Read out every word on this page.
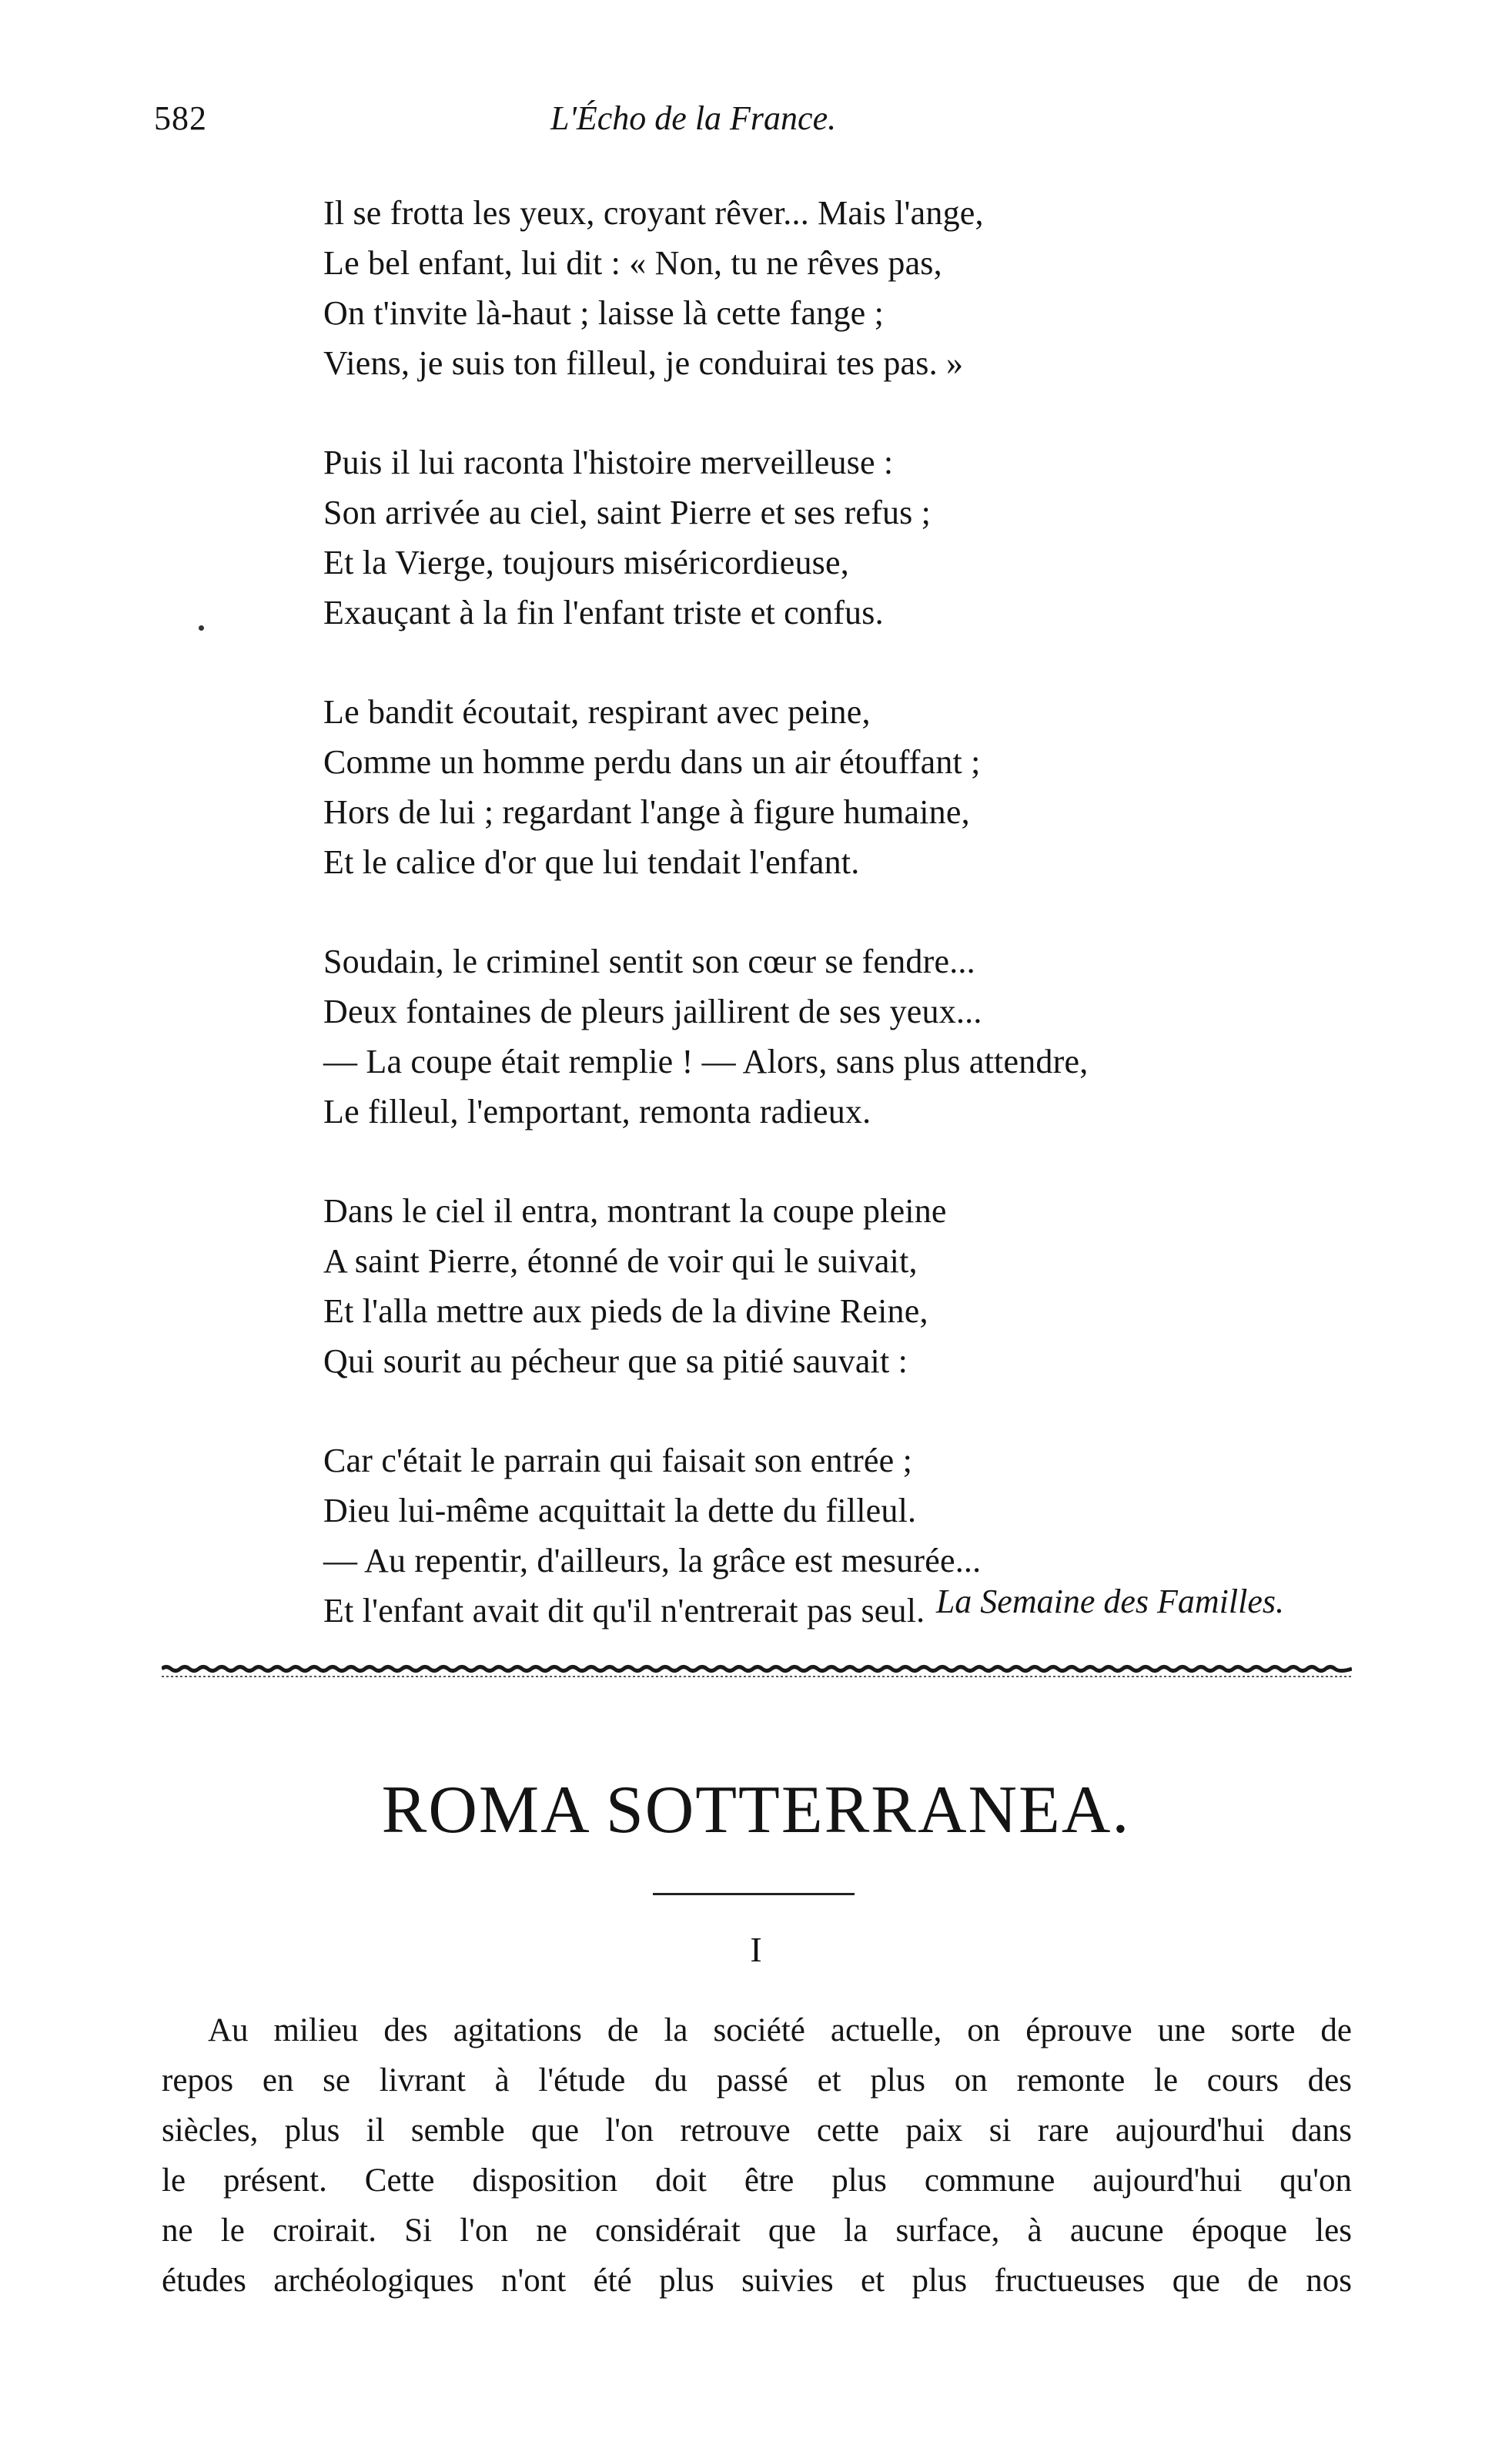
582	L'Écho de la France.
Il se frotta les yeux, croyant rêver... Mais l'ange,
Le bel enfant, lui dit : « Non, tu ne rêves pas,
On t'invite là-haut ; laisse là cette fange ;
Viens, je suis ton filleul, je conduirai tes pas. »
Puis il lui raconta l'histoire merveilleuse :
Son arrivée au ciel, saint Pierre et ses refus ;
Et la Vierge, toujours miséricordieuse,
Exauçant à la fin l'enfant triste et confus.
Le bandit écoutait, respirant avec peine,
Comme un homme perdu dans un air étouffant ;
Hors de lui ; regardant l'ange à figure humaine,
Et le calice d'or que lui tendait l'enfant.
Soudain, le criminel sentit son cœur se fendre...
Deux fontaines de pleurs jaillirent de ses yeux...
— La coupe était remplie ! — Alors, sans plus attendre,
Le filleul, l'emportant, remonta radieux.
Dans le ciel il entra, montrant la coupe pleine
A saint Pierre, étonné de voir qui le suivait,
Et l'alla mettre aux pieds de la divine Reine,
Qui sourit au pécheur que sa pitié sauvait :
Car c'était le parrain qui faisait son entrée ;
Dieu lui-même acquittait la dette du filleul.
— Au repentir, d'ailleurs, la grâce est mesurée...
Et l'enfant avait dit qu'il n'entrerait pas seul. La Semaine des Familles.
ROMA SOTTERRANEA.
I
Au milieu des agitations de la société actuelle, on éprouve une sorte de
repos en se livrant à l'étude du passé et plus on remonte le cours des
siècles, plus il semble que l'on retrouve cette paix si rare aujourd'hui dans
le présent. Cette disposition doit être plus commune aujourd'hui qu'on
ne le croirait. Si l'on ne considérait que la surface, à aucune époque les
études archéologiques n'ont été plus suivies et plus fructueuses que de nos
